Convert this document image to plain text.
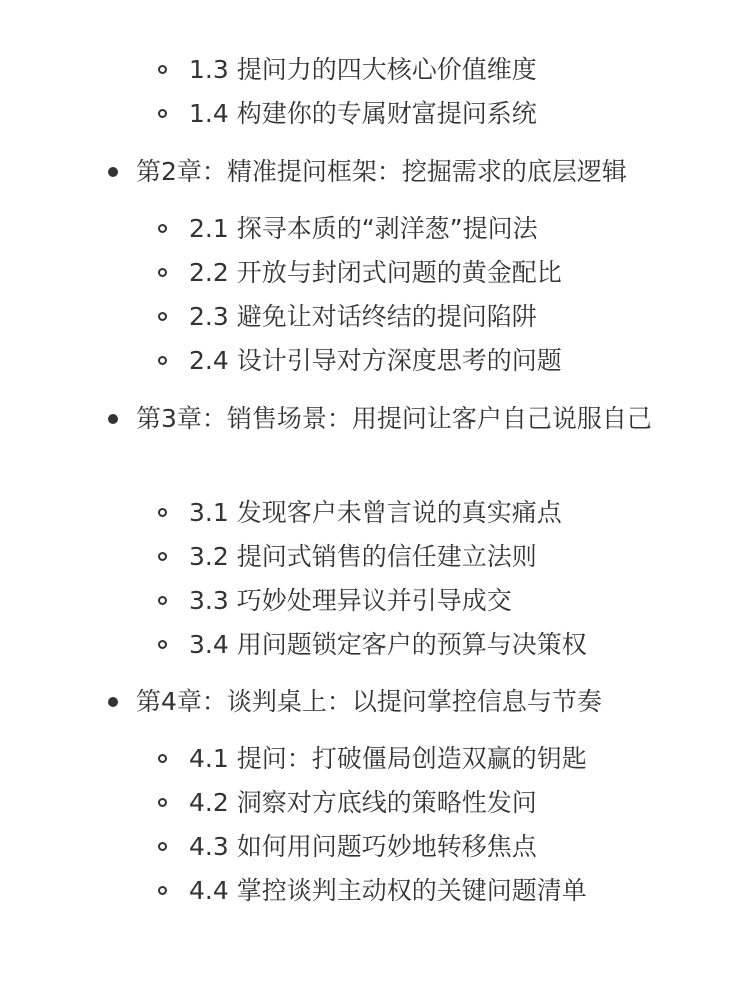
1.3 提问力的四大核心价值维度
1.4 构建你的专属财富提问系统
第2章：精准提问框架：挖掘需求的底层逻辑
2.1 探寻本质的“剥洋葱”提问法
2.2 开放与封闭式问题的黄金配比
2.3 避免让对话终结的提问陷阱
2.4 设计引导对方深度思考的问题
第3章：销售场景：用提问让客户自己说服自己
3.1 发现客户未曾言说的真实痛点
3.2 提问式销售的信任建立法则
3.3 巧妙处理异议并引导成交
3.4 用问题锁定客户的预算与决策权
第4章：谈判桌上：以提问掌控信息与节奏
4.1 提问：打破僵局创造双赢的钥匙
4.2 洞察对方底线的策略性发问
4.3 如何用问题巧妙地转移焦点
4.4 掌控谈判主动权的关键问题清单
